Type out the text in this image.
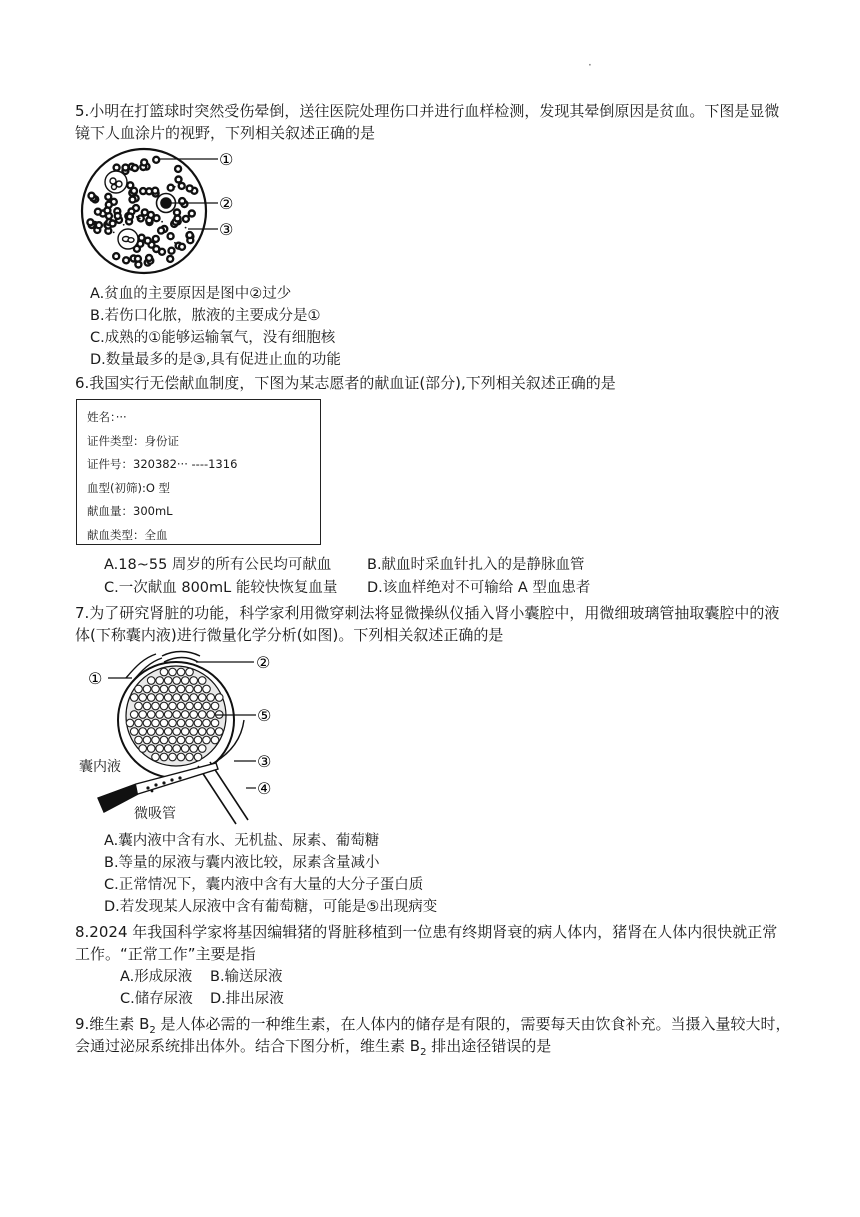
·
5.小明在打篮球时突然受伤晕倒，送往医院处理伤口并进行血样检测，发现其晕倒原因是贫血。下图是显微
镜下人血涂片的视野，下列相关叙述正确的是
①
②
③
A.贫血的主要原因是图中②过少
B.若伤口化脓，脓液的主要成分是①
C.成熟的①能够运输氧气，没有细胞核
D.数量最多的是③,具有促进止血的功能
6.我国实行无偿献血制度，下图为某志愿者的献血证(部分),下列相关叙述正确的是
姓名：···
证件类型：身份证
证件号：320382··· ----1316
血型(初筛):O 型
献血量：300mL
献血类型：全血
A.18~55 周岁的所有公民均可献血 B.献血时采血针扎入的是静脉血管
C.一次献血 800mL 能较快恢复血量 D.该血样绝对不可输给 A 型血患者
7.为了研究肾脏的功能，科学家利用微穿刺法将显微操纵仪插入肾小囊腔中，用微细玻璃管抽取囊腔中的液
体(下称囊内液)进行微量化学分析(如图)。下列相关叙述正确的是
①
②
⑤
③
④
囊内液
微吸管
A.囊内液中含有水、无机盐、尿素、葡萄糖
B.等量的尿液与囊内液比较，尿素含量减小
C.正常情况下，囊内液中含有大量的大分子蛋白质
D.若发现某人尿液中含有葡萄糖，可能是⑤出现病变
8.2024 年我国科学家将基因编辑猪的肾脏移植到一位患有终期肾衰的病人体内，猪肾在人体内很快就正常
工作。“正常工作”主要是指
A.形成尿液 B.输送尿液
C.储存尿液 D.排出尿液
9.维生素 $B_2$ 是人体必需的一种维生素，在人体内的储存是有限的，需要每天由饮食补充。当摄入量较大时，
会通过泌尿系统排出体外。结合下图分析，维生素 $B_2$ 排出途径错误的是
